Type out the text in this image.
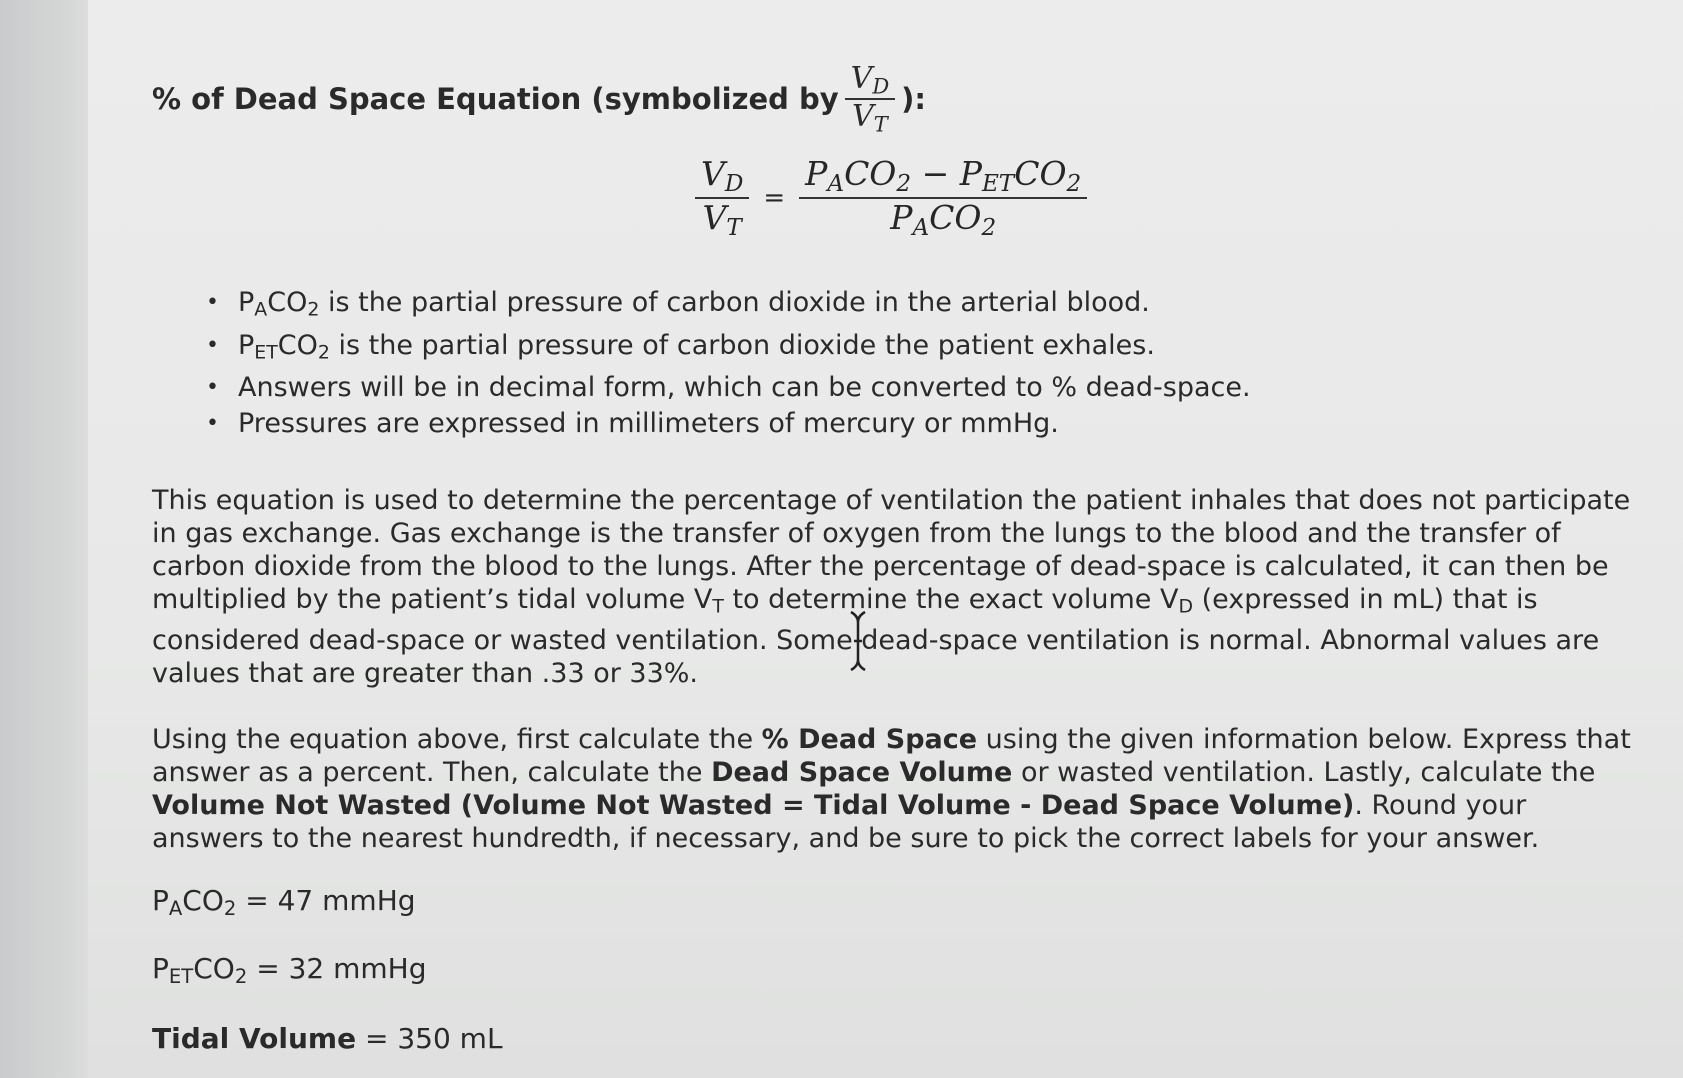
% of Dead Space Equation (symbolized by $\frac{V_D}{V_T}$ ):
$\frac{V_D}{V_T} = \frac{P_ACO_2 - P_{ET}CO_2}{P_ACO_2}$
• $P_ACO_2$ is the partial pressure of carbon dioxide in the arterial blood.
• $P_{ET}CO_2$ is the partial pressure of carbon dioxide the patient exhales.
• Answers will be in decimal form, which can be converted to % dead-space.
• Pressures are expressed in millimeters of mercury or mmHg.

This equation is used to determine the percentage of ventilation the patient inhales that does not participate in gas exchange. Gas exchange is the transfer of oxygen from the lungs to the blood and the transfer of carbon dioxide from the blood to the lungs. After the percentage of dead-space is calculated, it can then be multiplied by the patient’s tidal volume $V_T$ to determine the exact volume $V_D$ (expressed in mL) that is considered dead-space or wasted ventilation. Some dead-space ventilation is normal. Abnormal values are values that are greater than .33 or 33%.

Using the equation above, first calculate the % Dead Space using the given information below. Express that answer as a percent. Then, calculate the Dead Space Volume or wasted ventilation. Lastly, calculate the Volume Not Wasted (Volume Not Wasted = Tidal Volume - Dead Space Volume). Round your answers to the nearest hundredth, if necessary, and be sure to pick the correct labels for your answer.

$P_ACO_2 = 47$ mmHg
$P_{ET}CO_2 = 32$ mmHg
Tidal Volume = 350 mL
